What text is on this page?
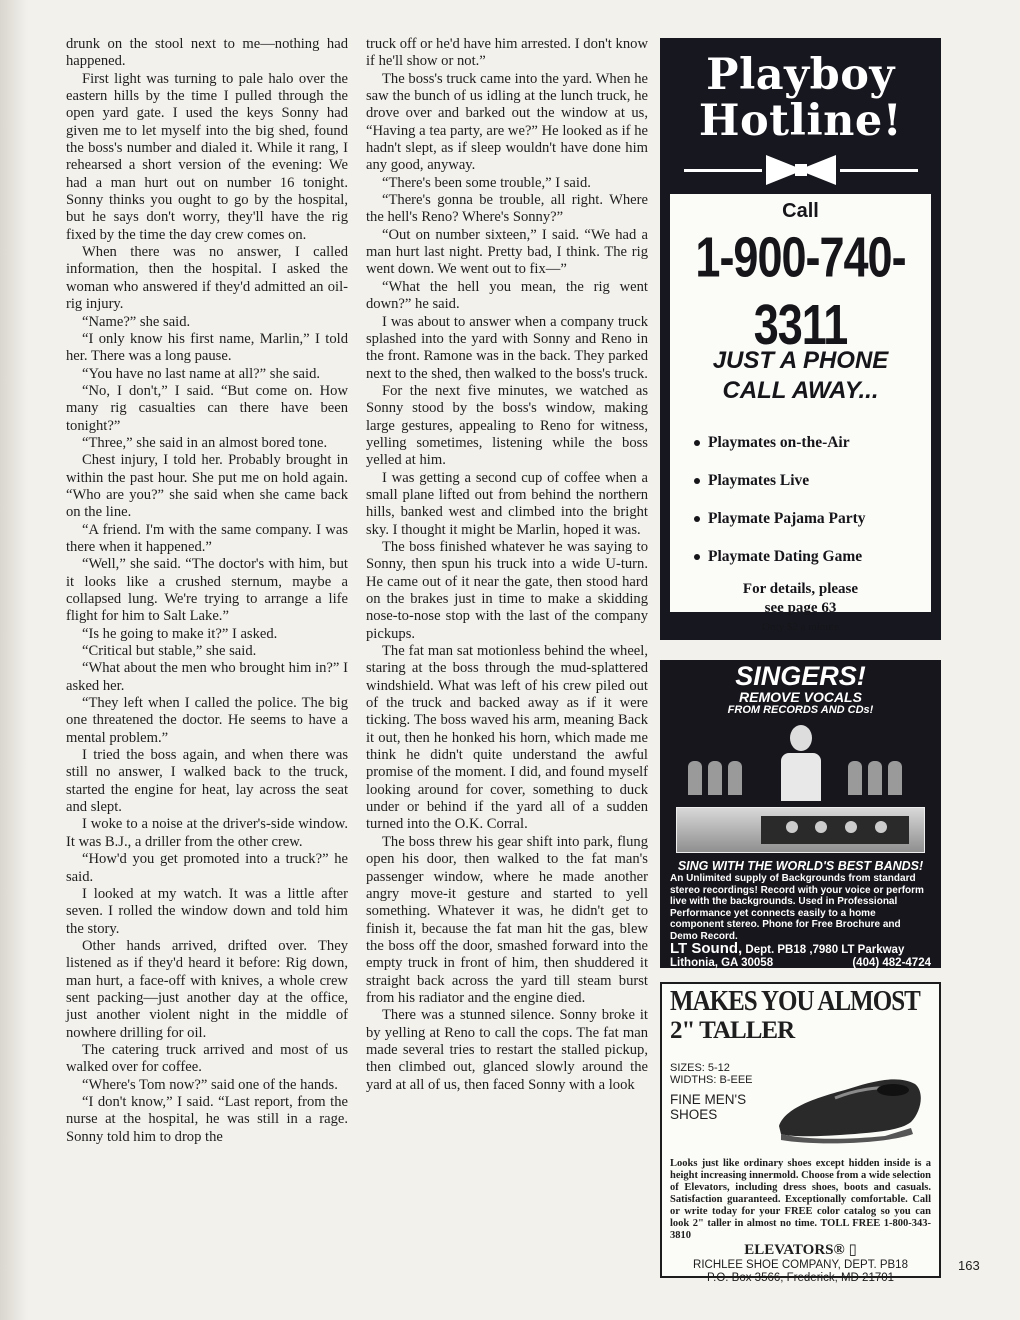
drunk on the stool next to me—nothing had happened.

First light was turning to pale halo over the eastern hills by the time I pulled through the open yard gate. I used the keys Sonny had given me to let myself into the big shed, found the boss's number and dialed it. While it rang, I rehearsed a short version of the evening: We had a man hurt out on number 16 tonight. Sonny thinks you ought to go by the hospital, but he says don't worry, they'll have the rig fixed by the time the day crew comes on.

When there was no answer, I called information, then the hospital. I asked the woman who answered if they'd admitted an oil-rig injury.

“Name?” she said.

“I only know his first name, Marlin,” I told her. There was a long pause.

“You have no last name at all?” she said.

“No, I don't,” I said. “But come on. How many rig casualties can there have been tonight?”

“Three,” she said in an almost bored tone.

Chest injury, I told her. Probably brought in within the past hour. She put me on hold again. “Who are you?” she said when she came back on the line.

“A friend. I'm with the same company. I was there when it happened.”

“Well,” she said. “The doctor's with him, but it looks like a crushed sternum, maybe a collapsed lung. We're trying to arrange a life flight for him to Salt Lake.”

“Is he going to make it?” I asked.

“Critical but stable,” she said.

“What about the men who brought him in?” I asked her.

“They left when I called the police. The big one threatened the doctor. He seems to have a mental problem.”

I tried the boss again, and when there was still no answer, I walked back to the truck, started the engine for heat, lay across the seat and slept.

I woke to a noise at the driver's-side window. It was B.J., a driller from the other crew.

“How'd you get promoted into a truck?” he said.

I looked at my watch. It was a little after seven. I rolled the window down and told him the story.

Other hands arrived, drifted over. They listened as if they'd heard it before: Rig down, man hurt, a face-off with knives, a whole crew sent packing—just another day at the office, just another violent night in the middle of nowhere drilling for oil.

The catering truck arrived and most of us walked over for coffee.

“Where's Tom now?” said one of the hands.

“I don't know,” I said. “Last report, from the nurse at the hospital, he was still in a rage. Sonny told him to drop the

truck off or he'd have him arrested. I don't know if he'll show or not.”

The boss's truck came into the yard. When he saw the bunch of us idling at the lunch truck, he drove over and barked out the window at us, “Having a tea party, are we?” He looked as if he hadn't slept, as if sleep wouldn't have done him any good, anyway.

“There's been some trouble,” I said.

“There's gonna be trouble, all right. Where the hell's Reno? Where's Sonny?”

“Out on number sixteen,” I said. “We had a man hurt last night. Pretty bad, I think. The rig went down. We went out to fix—”

“What the hell you mean, the rig went down?” he said.

I was about to answer when a company truck splashed into the yard with Sonny and Reno in the front. Ramone was in the back. They parked next to the shed, then walked to the boss's truck.

For the next five minutes, we watched as Sonny stood by the boss's window, making large gestures, appealing to Reno for witness, yelling sometimes, listening while the boss yelled at him.

I was getting a second cup of coffee when a small plane lifted out from behind the northern hills, banked west and climbed into the bright sky. I thought it might be Marlin, hoped it was.

The boss finished whatever he was saying to Sonny, then spun his truck into a wide U-turn. He came out of it near the gate, then stood hard on the brakes just in time to make a skidding nose-to-nose stop with the last of the company pickups.

The fat man sat motionless behind the wheel, staring at the boss through the mud-splattered windshield. What was left of his crew piled out of the truck and backed away as if it were ticking. The boss waved his arm, meaning Back it out, then he honked his horn, which made me think he didn't quite understand the awful promise of the moment. I did, and found myself looking around for cover, something to duck under or behind if the yard all of a sudden turned into the O.K. Corral.

The boss threw his gear shift into park, flung open his door, then walked to the fat man's passenger window, where he made another angry move-it gesture and started to yell something. Whatever it was, he didn't get to finish it, because the fat man hit the gas, blew the boss off the door, smashed forward into the empty truck in front of him, then shuddered it straight back across the yard till steam burst from his radiator and the engine died.

There was a stunned silence. Sonny broke it by yelling at Reno to call the cops. The fat man made several tries to restart the stalled pickup, then climbed out, glanced slowly around the yard at all of us, then faced Sonny with a look

Playboy
Hotline!
Call
1-900-740-3311
JUST A PHONE
CALL AWAY...
Playmates on-the-Air
Playmates Live
Playmate Pajama Party
Playmate Dating Game
For details, please
see page 63
Only $2 a minute
SINGERS!
REMOVE VOCALS
FROM RECORDS AND CDs!
SING WITH THE WORLD'S BEST BANDS!
An Unlimited supply of Backgrounds from standard stereo recordings! Record with your voice or perform live with the backgrounds. Used in Professional Performance yet connects easily to a home component stereo. Phone for Free Brochure and Demo Record.
LT Sound, Dept. PB18 ,7980 LT Parkway
Lithonia, GA 30058	(404) 482-4724
MAKES YOU ALMOST
2" TALLER
SIZES: 5-12
WIDTHS: B-EEE
FINE MEN'S
SHOES
Looks just like ordinary shoes except hidden inside is a height increasing innermold. Choose from a wide selection of Elevators, including dress shoes, boots and casuals. Satisfaction guaranteed. Exceptionally comfortable. Call or write today for your FREE color catalog so you can look 2" taller in almost no time. TOLL FREE 1-800-343-3810
ELEVATORS® ▯
RICHLEE SHOE COMPANY, DEPT. PB18
P.O. Box 3566, Frederick, MD 21701
163
